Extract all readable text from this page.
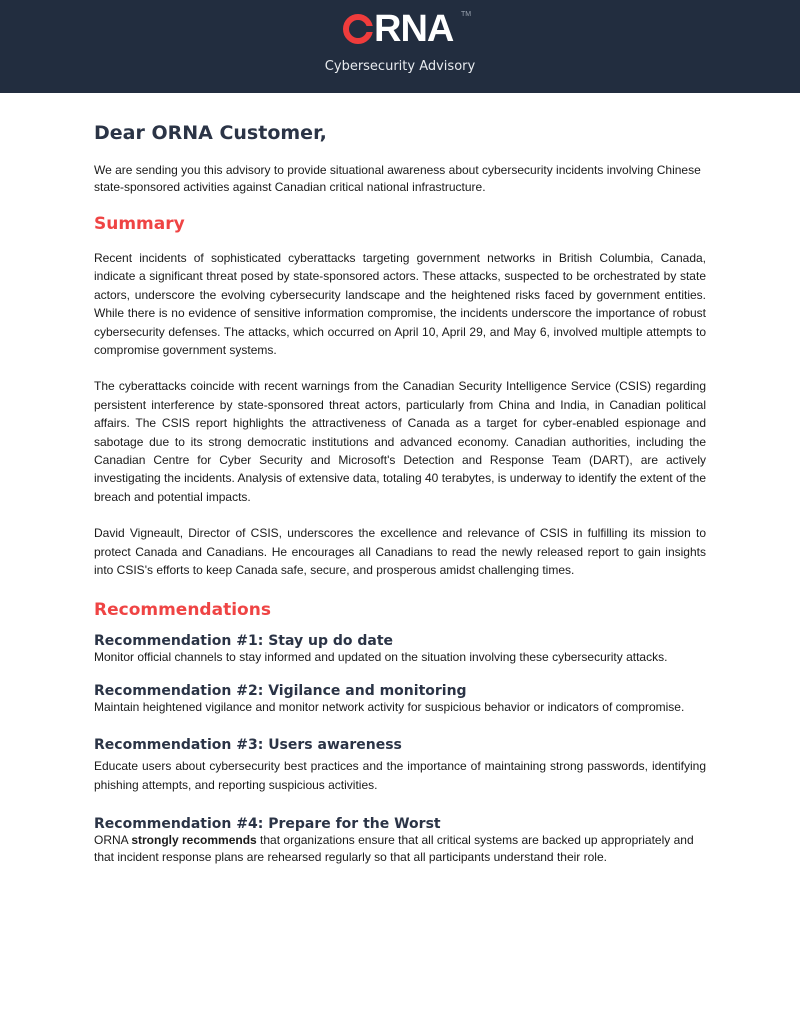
RNA TM
Cybersecurity Advisory
Dear ORNA Customer,

We are sending you this advisory to provide situational awareness about cybersecurity incidents involving Chinese state-sponsored activities against Canadian critical national infrastructure.

Summary

Recent incidents of sophisticated cyberattacks targeting government networks in British Columbia, Canada, indicate a significant threat posed by state-sponsored actors. These attacks, suspected to be orchestrated by state actors, underscore the evolving cybersecurity landscape and the heightened risks faced by government entities. While there is no evidence of sensitive information compromise, the incidents underscore the importance of robust cybersecurity defenses. The attacks, which occurred on April 10, April 29, and May 6, involved multiple attempts to compromise government systems.

The cyberattacks coincide with recent warnings from the Canadian Security Intelligence Service (CSIS) regarding persistent interference by state-sponsored threat actors, particularly from China and India, in Canadian political affairs. The CSIS report highlights the attractiveness of Canada as a target for cyber-enabled espionage and sabotage due to its strong democratic institutions and advanced economy. Canadian authorities, including the Canadian Centre for Cyber Security and Microsoft's Detection and Response Team (DART), are actively investigating the incidents. Analysis of extensive data, totaling 40 terabytes, is underway to identify the extent of the breach and potential impacts.

David Vigneault, Director of CSIS, underscores the excellence and relevance of CSIS in fulfilling its mission to protect Canada and Canadians. He encourages all Canadians to read the newly released report to gain insights into CSIS's efforts to keep Canada safe, secure, and prosperous amidst challenging times.

Recommendations
Recommendation #1: Stay up do date

Monitor official channels to stay informed and updated on the situation involving these cybersecurity attacks.

Recommendation #2: Vigilance and monitoring

Maintain heightened vigilance and monitor network activity for suspicious behavior or indicators of compromise.

Recommendation #3: Users awareness

Educate users about cybersecurity best practices and the importance of maintaining strong passwords, identifying phishing attempts, and reporting suspicious activities.

Recommendation #4: Prepare for the Worst

ORNA strongly recommends that organizations ensure that all critical systems are backed up appropriately and that incident response plans are rehearsed regularly so that all participants understand their role.
